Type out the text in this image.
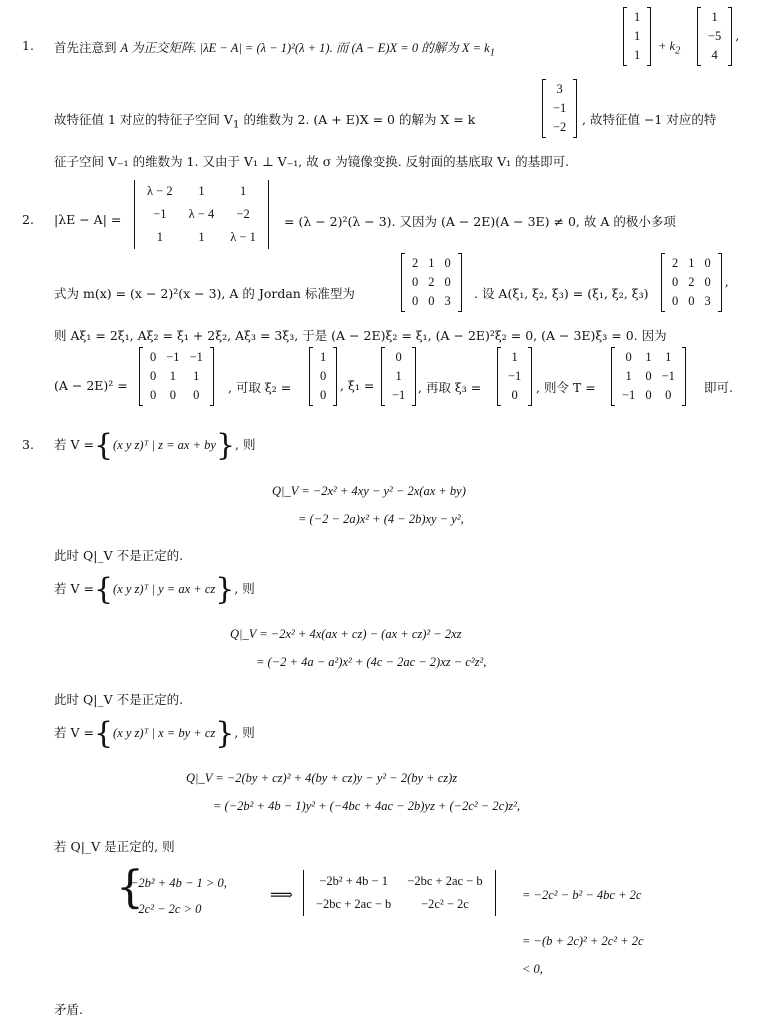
1. 首先注意到 A 为正交矩阵. |λE − A| = (λ − 1)²(λ + 1). 而 (A − E)X = 0 的解为 $X = k_1$
1
1
1
+ $k_2$
1
−5
4
,
故特征值 1 对应的特征子空间 $V_1$ 的维数为 2. (A + E)X = 0 的解为 X = k
3
−1
−2 , 故特征值 −1 对应的特
征子空间 V₋₁ 的维数为 1. 又由于 V₁ ⊥ V₋₁, 故 σ 为镜像变换. 反射面的基底取 V₁ 的基即可.
2. |λE − A| =
λ − 2	1	1
−1	λ − 4	−2
1	1	λ − 1
= (λ − 2)²(λ − 3). 又因为 (A − 2E)(A − 3E) ≠ 0, 故 A 的极小多项
式为 m(x) = (x − 2)²(x − 3), A 的 Jordan 标准型为
2	1	0
0	2	0
0	0	3 . 设 A(ξ₁, ξ₂, ξ₃) = (ξ₁, ξ₂, ξ₃)
2	1	0
0	2	0
0	0	3
,
则 Aξ₁ = 2ξ₁, Aξ₂ = ξ₁ + 2ξ₂, Aξ₃ = 3ξ₃, 于是 (A − 2E)ξ₂ = ξ₁, (A − 2E)²ξ₂ = 0, (A − 3E)ξ₃ = 0. 因为
(A − 2E)² =
0	−1	−1
0	1	1
0	0	0 , 可取 ξ₂ =
1
0
0
, ξ₁ =
0
1
−1 , 再取 ξ₃ =
1
−1
0 , 则令 T =
0	1	1
1	0	−1
−1	0	0	即可.
3. 若 V ={(x y z)ᵀ | z = ax + by}, 则
Q|_V = −2x² + 4xy − y² − 2x(ax + by)
= (−2 − 2a)x² + (4 − 2b)xy − y²,
此时 Q|_V 不是正定的.
若 V ={(x y z)ᵀ | y = ax + cz}, 则
Q|_V = −2x² + 4x(ax + cz) − (ax + cz)² − 2xz
= (−2 + 4a − a²)x² + (4c − 2ac − 2)xz − c²z²,
此时 Q|_V 不是正定的.
若 V ={(x y z)ᵀ | x = by + cz}, 则
Q|_V = −2(by + cz)² + 4(by + cz)y − y² − 2(by + cz)z
= (−2b² + 4b − 1)y² + (−4bc + 4ac − 2b)yz + (−2c² − 2c)z²,
若 Q|_V 是正定的, 则
{
−2b² + 4b − 1 > 0,
−2c² − 2c > 0
⟹
−2b² + 4b − 1	−2bc + 2ac − b
−2bc + 2ac − b	−2c² − 2c
= −2c² − b² − 4bc + 2c
= −(b + 2c)² + 2c² + 2c
< 0,
矛盾.
